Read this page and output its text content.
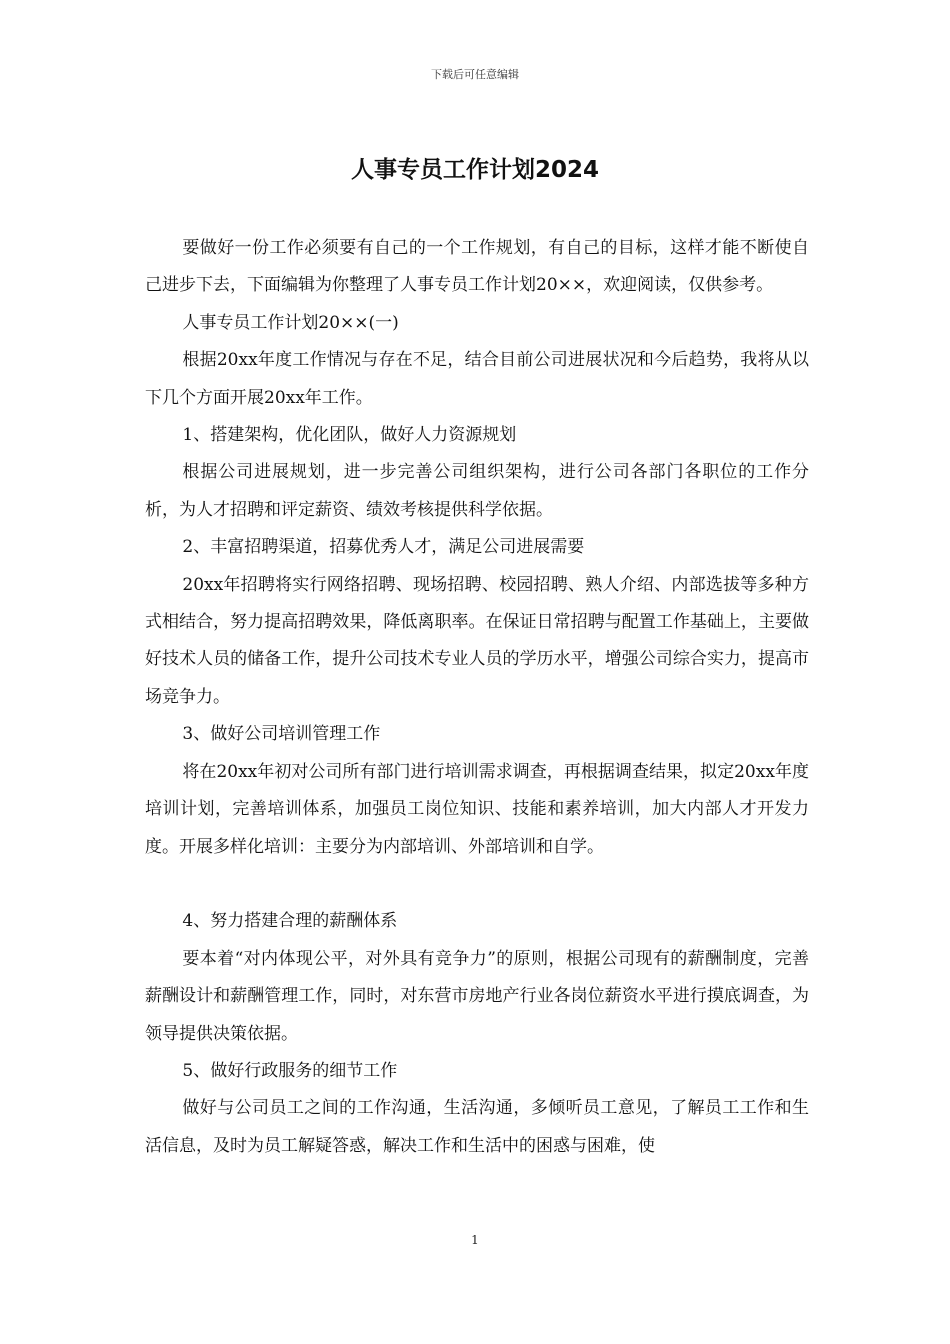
下载后可任意编辑
人事专员工作计划2024

要做好一份工作必须要有自己的一个工作规划，有自己的目标，这样才能不断使自己进步下去，下面编辑为你整理了人事专员工作计划20××，欢迎阅读，仅供参考。

人事专员工作计划20××(一)

根据20xx年度工作情况与存在不足，结合目前公司进展状况和今后趋势，我将从以下几个方面开展20xx年工作。

1、搭建架构，优化团队，做好人力资源规划

根据公司进展规划，进一步完善公司组织架构，进行公司各部门各职位的工作分析，为人才招聘和评定薪资、绩效考核提供科学依据。

2、丰富招聘渠道，招募优秀人才，满足公司进展需要

20xx年招聘将实行网络招聘、现场招聘、校园招聘、熟人介绍、内部选拔等多种方式相结合，努力提高招聘效果，降低离职率。在保证日常招聘与配置工作基础上，主要做好技术人员的储备工作，提升公司技术专业人员的学历水平，增强公司综合实力，提高市场竞争力。

3、做好公司培训管理工作

将在20xx年初对公司所有部门进行培训需求调查，再根据调查结果，拟定20xx年度培训计划，完善培训体系，加强员工岗位知识、技能和素养培训，加大内部人才开发力度。开展多样化培训：主要分为内部培训、外部培训和自学。

4、努力搭建合理的薪酬体系

要本着“对内体现公平，对外具有竞争力”的原则，根据公司现有的薪酬制度，完善薪酬设计和薪酬管理工作，同时，对东营市房地产行业各岗位薪资水平进行摸底调查，为领导提供决策依据。

5、做好行政服务的细节工作

做好与公司员工之间的工作沟通，生活沟通，多倾听员工意见，了解员工工作和生活信息，及时为员工解疑答惑，解决工作和生活中的困惑与困难，使

1
